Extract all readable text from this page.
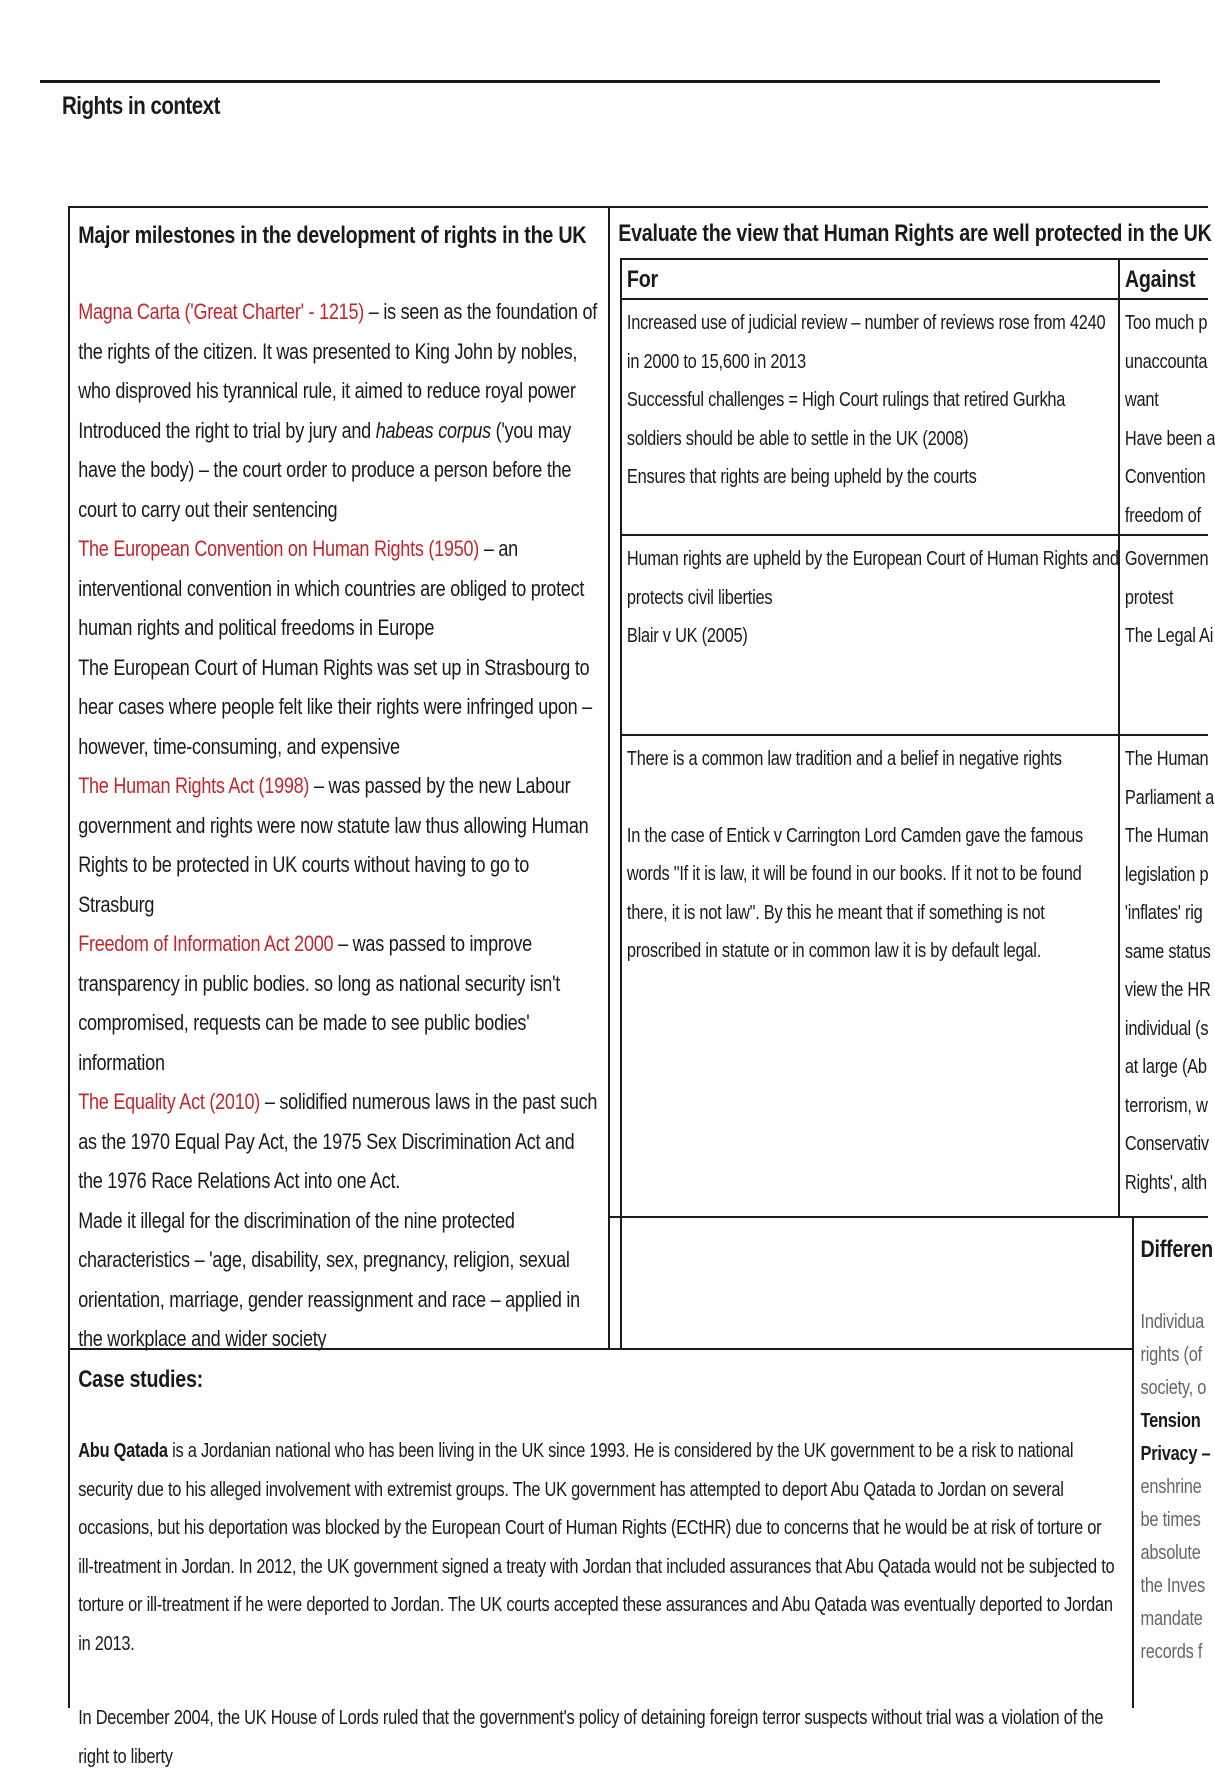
Rights in context
Major milestones in the development of rights in the UK

Magna Carta ('Great Charter' - 1215) – is seen as the foundation of the rights of the citizen. It was presented to King John by nobles, who disproved his tyrannical rule, it aimed to reduce royal power

Introduced the right to trial by jury and habeas corpus ('you may have the body) – the court order to produce a person before the court to carry out their sentencing

The European Convention on Human Rights (1950) – an interventional convention in which countries are obliged to protect human rights and political freedoms in Europe

The European Court of Human Rights was set up in Strasbourg to hear cases where people felt like their rights were infringed upon – however, time-consuming, and expensive

The Human Rights Act (1998) – was passed by the new Labour government and rights were now statute law thus allowing Human Rights to be protected in UK courts without having to go to Strasburg

Freedom of Information Act 2000 – was passed to improve transparency in public bodies. so long as national security isn't compromised, requests can be made to see public bodies' information

The Equality Act (2010) – solidified numerous laws in the past such as the 1970 Equal Pay Act, the 1975 Sex Discrimination Act and the 1976 Race Relations Act into one Act.

Made it illegal for the discrimination of the nine protected characteristics – 'age, disability, sex, pregnancy, religion, sexual orientation, marriage, gender reassignment and race – applied in the workplace and wider society

Evaluate the view that Human Rights are well protected in the UK
For	Against

Increased use of judicial review – number of reviews rose from 4240 in 2000 to 15,600 in 2013

Successful challenges = High Court rulings that retired Gurkha soldiers should be able to settle in the UK (2008)

Ensures that rights are being upheld by the courts

Too much p
unaccounta
want
Have been a
Convention
freedom of

Human rights are upheld by the European Court of Human Rights and protects civil liberties

Blair v UK (2005)

Governmen
protest
The Legal Ai

There is a common law tradition and a belief in negative rights

In the case of Entick v Carrington Lord Camden gave the famous words "If it is law, it will be found in our books. If it not to be found there, it is not law". By this he meant that if something is not proscribed in statute or in common law it is by default legal.

The Human
Parliament a
The Human
legislation p
'inflates' rig
same status
view the HR
individual (s
at large (Ab
terrorism, w
Conservativ
Rights', alth
Differen
Individua
rights (of
society, o
Tension
Privacy –
enshrine
be times
absolute
the Inves
mandate
records f
Case studies:

Abu Qatada is a Jordanian national who has been living in the UK since 1993. He is considered by the UK government to be a risk to national security due to his alleged involvement with extremist groups. The UK government has attempted to deport Abu Qatada to Jordan on several occasions, but his deportation was blocked by the European Court of Human Rights (ECtHR) due to concerns that he would be at risk of torture or ill-treatment in Jordan. In 2012, the UK government signed a treaty with Jordan that included assurances that Abu Qatada would not be subjected to torture or ill-treatment if he were deported to Jordan. The UK courts accepted these assurances and Abu Qatada was eventually deported to Jordan in 2013.

In December 2004, the UK House of Lords ruled that the government's policy of detaining foreign terror suspects without trial was a violation of the right to liberty
